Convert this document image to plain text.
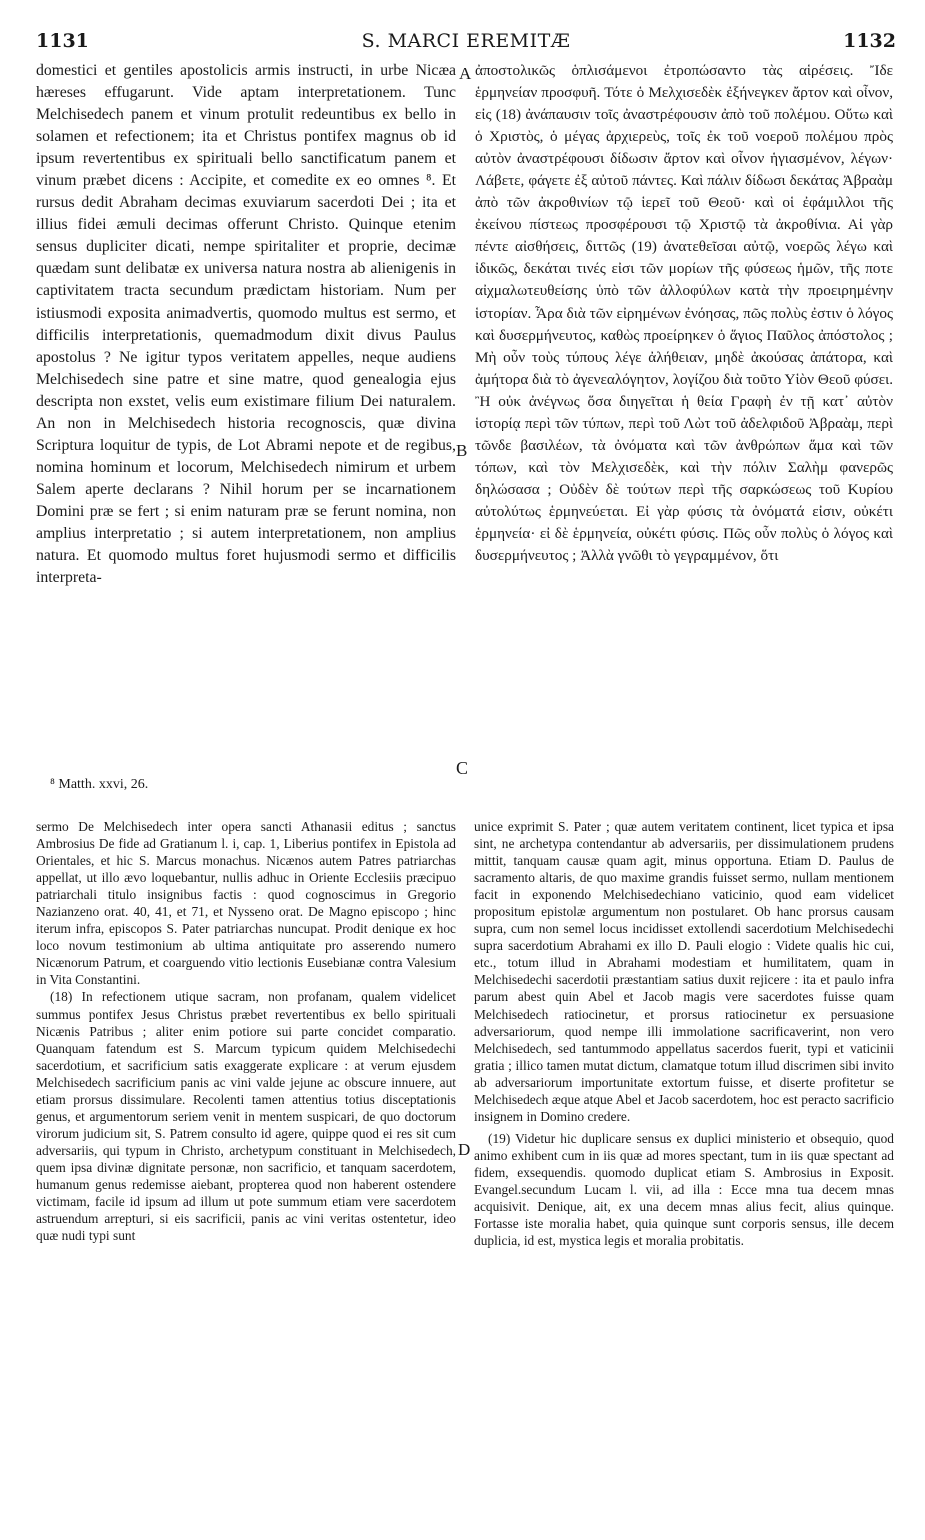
1131	S. MARCI EREMITÆ	1132

domestici et gentiles apostolicis armis instructi, in urbe Nicæa hæreses effugarunt. Vide aptam interpretationem. Tunc Melchisedech panem et vinum protulit redeuntibus ex bello in solamen et refectionem; ita et Christus pontifex magnus ob id ipsum revertentibus ex spirituali bello sanctificatum panem et vinum præbet dicens : Accipite, et comedite ex eo omnes ⁸. Et rursus dedit Abraham decimas exuviarum sacerdoti Dei ; ita et illius fidei æmuli decimas offerunt Christo. Quinque etenim sensus dupliciter dicati, nempe spiritaliter et proprie, decimæ quædam sunt delibatæ ex universa natura nostra ab alienigenis in captivitatem tracta secundum prædictam historiam. Num per istiusmodi exposita animadvertis, quomodo multus est sermo, et difficilis interpretationis, quemadmodum dixit divus Paulus apostolus ? Ne igitur typos veritatem appelles, neque audiens Melchisedech sine patre et sine matre, quod genealogia ejus descripta non exstet, velis eum existimare filium Dei naturalem. An non in Melchisedech historia recognoscis, quæ divina Scriptura loquitur de typis, de Lot Abrami nepote et de regibus, nomina hominum et locorum, Melchisedech nimirum et urbem Salem aperte declarans ? Nihil horum per se incarnationem Domini præ se fert ; si enim naturam præ se ferunt nomina, non amplius interpretatio ; si autem interpretationem, non amplius natura. Et quomodo multus foret hujusmodi sermo et difficilis interpreta-

A
B
C
D

ἀποστολικῶς ὁπλισάμενοι ἐτροπώσαντο τὰς αἱρέσεις. Ἴδε ἑρμηνείαν προσφυῆ. Τότε ὁ Μελχισεδὲκ ἐξήνεγκεν ἄρτον καὶ οἶνον, εἰς (18) ἀνάπαυσιν τοῖς ἀναστρέφουσιν ἀπὸ τοῦ πολέμου. Οὕτω καὶ ὁ Χριστὸς, ὁ μέγας ἀρχιερεὺς, τοῖς ἐκ τοῦ νοεροῦ πολέμου πρὸς αὐτὸν ἀναστρέφουσι δίδωσιν ἄρτον καὶ οἶνον ἡγιασμένον, λέγων· Λάβετε, φάγετε ἐξ αὐτοῦ πάντες. Καὶ πάλιν δίδωσι δεκάτας Ἀβραὰμ ἀπὸ τῶν ἀκροθινίων τῷ ἱερεῖ τοῦ Θεοῦ· καὶ οἱ ἐφάμιλλοι τῆς ἐκείνου πίστεως προσφέρουσι τῷ Χριστῷ τὰ ἀκροθίνια. Αἱ γὰρ πέντε αἰσθήσεις, διττῶς (19) ἀνατεθεῖσαι αὐτῷ, νοερῶς λέγω καὶ ἰδικῶς, δεκάται τινές εἰσι τῶν μορίων τῆς φύσεως ἡμῶν, τῆς ποτε αἰχμαλωτευθείσης ὑπὸ τῶν ἀλλοφύλων κατὰ τὴν προειρημένην ἱστορίαν. Ἆρα διὰ τῶν εἰρημένων ἐνόησας, πῶς πολὺς ἐστιν ὁ λόγος καὶ δυσερμήνευτος, καθὼς προείρηκεν ὁ ἅγιος Παῦλος ἀπόστολος ; Μὴ οὖν τοὺς τύπους λέγε ἀλήθειαν, μηδὲ ἀκούσας ἀπάτορα, καὶ ἀμήτορα διὰ τὸ ἀγενεαλόγητον, λογίζου διὰ τοῦτο Υἱὸν Θεοῦ φύσει. Ἢ οὐκ ἀνέγνως ὅσα διηγεῖται ἡ θεία Γραφὴ ἐν τῇ κατ᾽ αὐτὸν ἱστορίᾳ περὶ τῶν τύπων, περὶ τοῦ Λὼτ τοῦ ἀδελφιδοῦ Ἀβραὰμ, περὶ τῶνδε βασιλέων, τὰ ὀνόματα καὶ τῶν ἀνθρώπων ἅμα καὶ τῶν τόπων, καὶ τὸν Μελχισεδὲκ, καὶ τὴν πόλιν Σαλὴμ φανερῶς δηλώσασα ; Οὐδὲν δὲ τούτων περὶ τῆς σαρκώσεως τοῦ Κυρίου αὐτολύτως ἑρμηνεύεται. Εἰ γὰρ φύσις τὰ ὀνόματά εἰσιν, οὐκέτι ἑρμηνεία· εἰ δὲ ἑρμηνεία, οὐκέτι φύσις. Πῶς οὖν πολὺς ὁ λόγος καὶ δυσερμήνευτος ; Ἀλλὰ γνῶθι τὸ γεγραμμένον, ὅτι

⁸ Matth. xxvi, 26.

sermo De Melchisedech inter opera sancti Athanasii editus ; sanctus Ambrosius De fide ad Gratianum l. i, cap. 1, Liberius pontifex in Epistola ad Orientales, et hic S. Marcus monachus. Nicænos autem Patres patriarchas appellat, ut illo ævo loquebantur, nullis adhuc in Oriente Ecclesiis præcipuo patriarchali titulo insignibus factis : quod cognoscimus in Gregorio Nazianzeno orat. 40, 41, et 71, et Nysseno orat. De Magno episcopo ; hinc iterum infra, episcopos S. Pater patriarchas nuncupat. Prodit denique ex hoc loco novum testimonium ab ultima antiquitate pro asserendo numero Nicænorum Patrum, et coarguendo vitio lectionis Eusebianæ contra Valesium in Vita Constantini.

(18) In refectionem utique sacram, non profanam, qualem videlicet summus pontifex Jesus Christus præbet revertentibus ex bello spirituali Nicænis Patribus ; aliter enim potiore sui parte concidet comparatio. Quanquam fatendum est S. Marcum typicum quidem Melchisedechi sacerdotium, et sacrificium satis exaggerate explicare : at verum ejusdem Melchisedech sacrificium panis ac vini valde jejune ac obscure innuere, aut etiam prorsus dissimulare. Recolenti tamen attentius totius disceptationis genus, et argumentorum seriem venit in mentem suspicari, de quo doctorum virorum judicium sit, S. Patrem consulto id agere, quippe quod ei res sit cum adversariis, qui typum in Christo, archetypum constituant in Melchisedech, quem ipsa divinæ dignitate personæ, non sacrificio, et tanquam sacerdotem, humanum genus redemisse aiebant, propterea quod non haberent ostendere victimam, facile id ipsum ad illum ut pote summum etiam vere sacerdotem astruendum arrepturi, si eis sacrificii, panis ac vini veritas ostentetur, ideo quæ nudi typi sunt

unice exprimit S. Pater ; quæ autem veritatem continent, licet typica et ipsa sint, ne archetypa contendantur ab adversariis, per dissimulationem prudens mittit, tanquam causæ quam agit, minus opportuna. Etiam D. Paulus de sacramento altaris, de quo maxime grandis fuisset sermo, nullam mentionem facit in exponendo Melchisedechiano vaticinio, quod eam videlicet propositum epistolæ argumentum non postularet. Ob hanc prorsus causam supra, cum non semel locus incidisset extollendi sacerdotium Melchisedechi supra sacerdotium Abrahami ex illo D. Pauli elogio : Videte qualis hic cui, etc., totum illud in Abrahami modestiam et humilitatem, quam in Melchisedechi sacerdotii præstantiam satius duxit rejicere : ita et paulo infra parum abest quin Abel et Jacob magis vere sacerdotes fuisse quam Melchisedech ratiocinetur, et prorsus ratiocinetur ex persuasione adversariorum, quod nempe illi immolatione sacrificaverint, non vero Melchisedech, sed tantummodo appellatus sacerdos fuerit, typi et vaticinii gratia ; illico tamen mutat dictum, clamatque totum illud discrimen sibi invito ab adversariorum importunitate extortum fuisse, et diserte profitetur se Melchisedech æque atque Abel et Jacob sacerdotem, hoc est peracto sacrificio insignem in Domino credere.

(19) Videtur hic duplicare sensus ex duplici ministerio et obsequio, quod animo exhibent cum in iis quæ ad mores spectant, tum in iis quæ spectant ad fidem, exsequendis. quomodo duplicat etiam S. Ambrosius in Exposit. Evangel.secundum Lucam l. vii, ad illa : Ecce mna tua decem mnas acquisivit. Denique, ait, ex una decem mnas alius fecit, alius quinque. Fortasse iste moralia habet, quia quinque sunt corporis sensus, ille decem duplicia, id est, mystica legis et moralia probitatis.
